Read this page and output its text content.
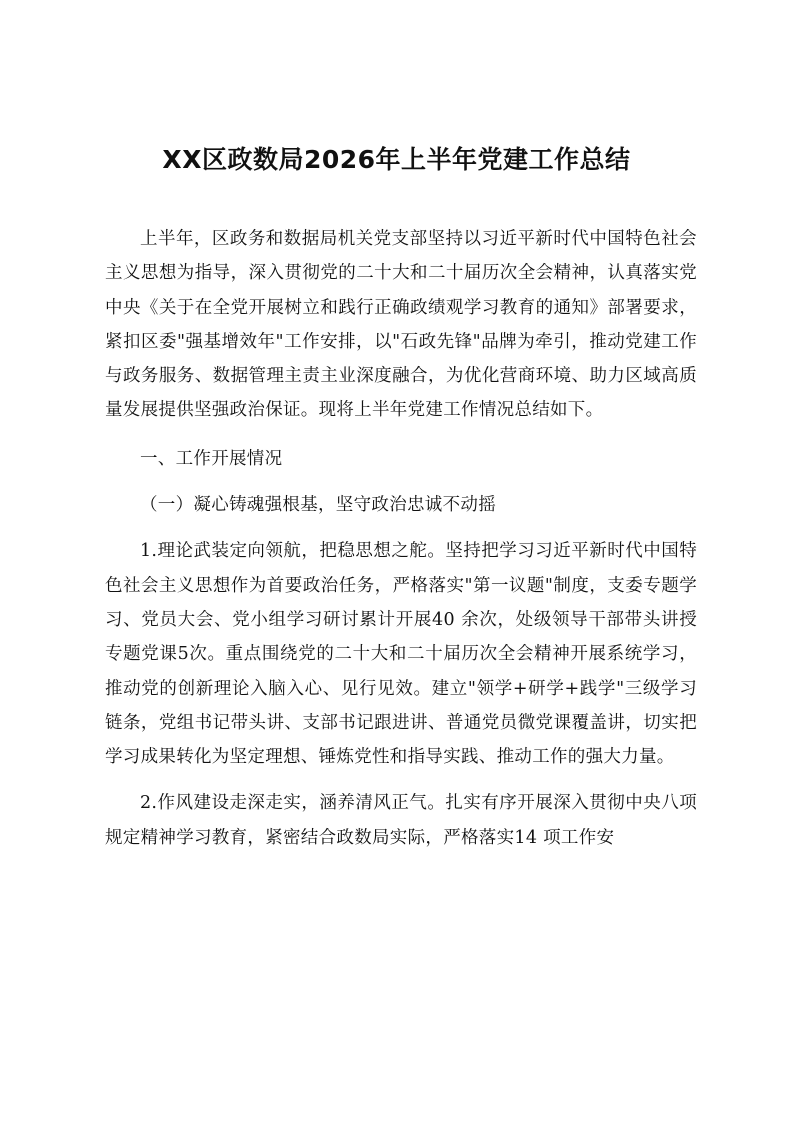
XX区政数局2026年上半年党建工作总结

上半年，区政务和数据局机关党支部坚持以习近平新时代中国特色社会主义思想为指导，深入贯彻党的二十大和二十届历次全会精神，认真落实党中央《关于在全党开展树立和践行正确政绩观学习教育的通知》部署要求，紧扣区委"强基增效年"工作安排，以"石政先锋"品牌为牵引，推动党建工作与政务服务、数据管理主责主业深度融合，为优化营商环境、助力区域高质量发展提供坚强政治保证。现将上半年党建工作情况总结如下。

一、工作开展情况

（一）凝心铸魂强根基，坚守政治忠诚不动摇

1.理论武装定向领航，把稳思想之舵。坚持把学习习近平新时代中国特色社会主义思想作为首要政治任务，严格落实"第一议题"制度，支委专题学习、党员大会、党小组学习研讨累计开展40 余次，处级领导干部带头讲授专题党课5次。重点围绕党的二十大和二十届历次全会精神开展系统学习，推动党的创新理论入脑入心、见行见效。建立"领学+研学+践学"三级学习链条，党组书记带头讲、支部书记跟进讲、普通党员微党课覆盖讲，切实把学习成果转化为坚定理想、锤炼党性和指导实践、推动工作的强大力量。

2.作风建设走深走实，涵养清风正气。扎实有序开展深入贯彻中央八项规定精神学习教育，紧密结合政数局实际，严格落实14 项工作安
